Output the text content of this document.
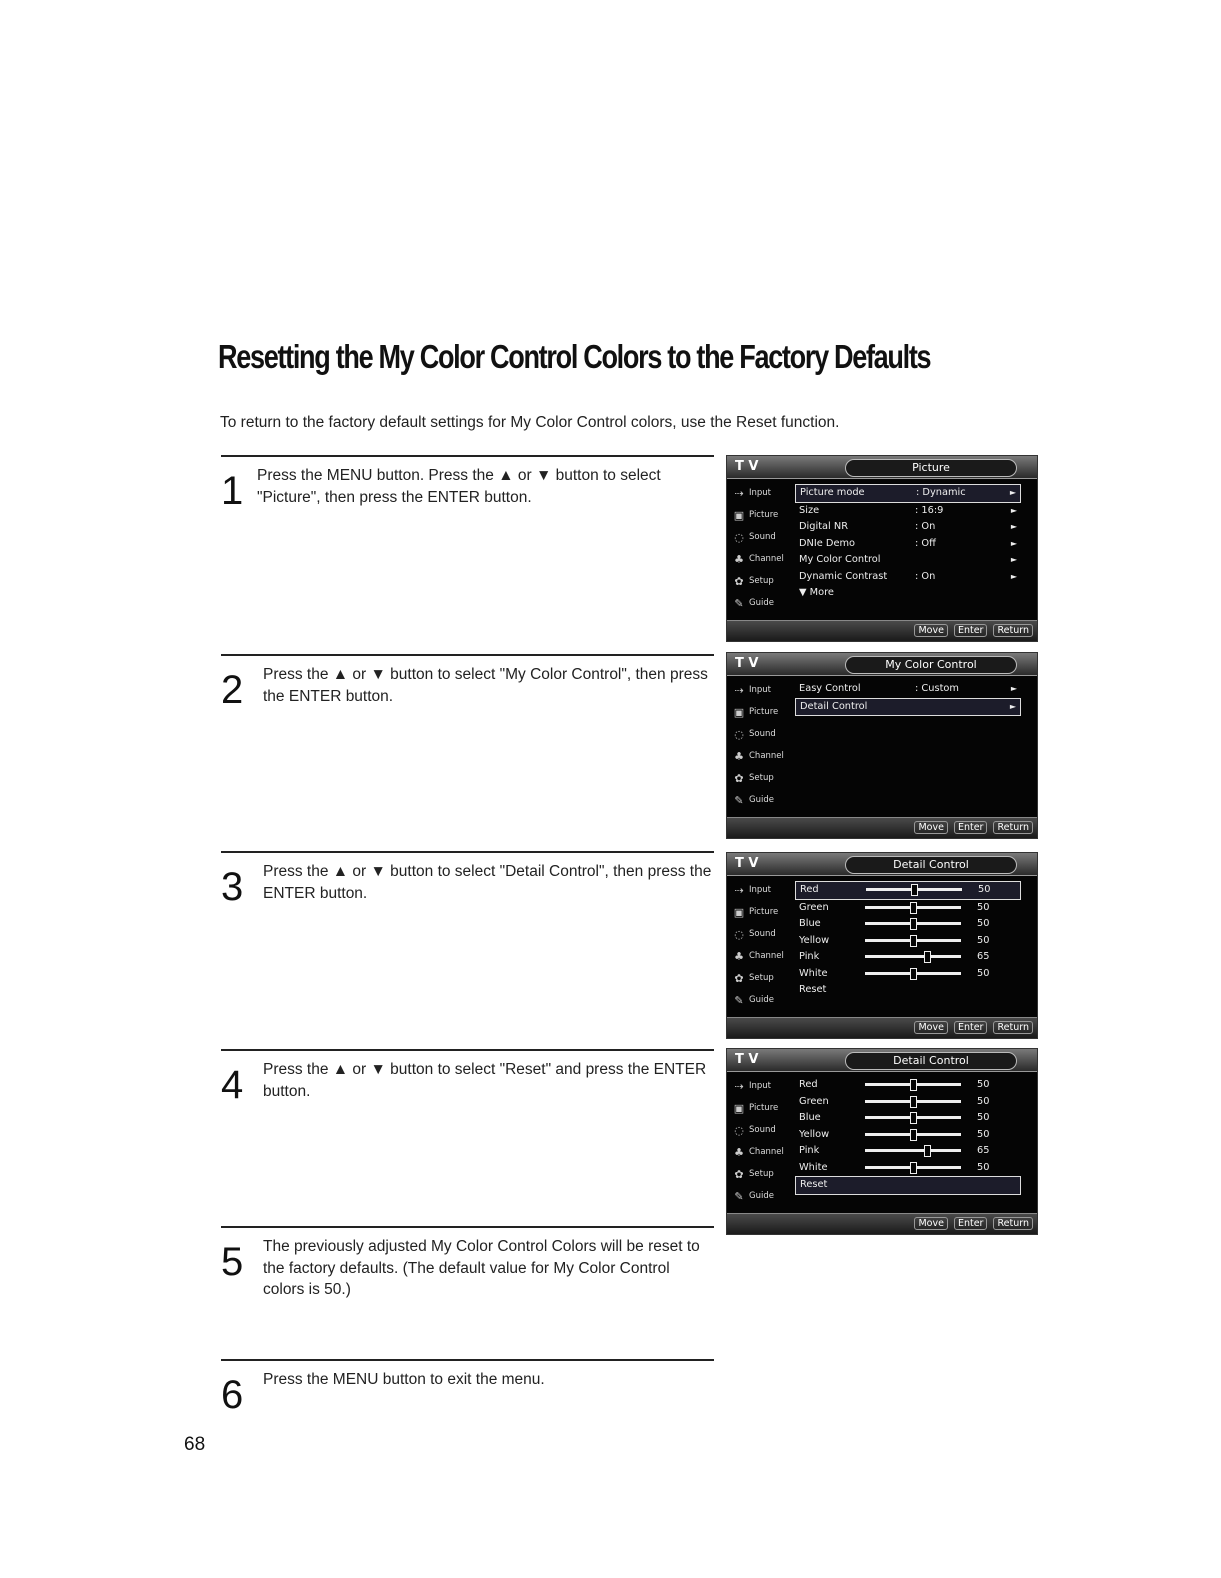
Resetting the My Color Control Colors to the Factory Defaults
To return to the factory default settings for My Color Control colors, use the Reset function.
1 Press the MENU button. Press the ▲ or ▼ button to select "Picture", then press the ENTER button.
2 Press the ▲ or ▼ button to select "My Color Control", then press the ENTER button.
3 Press the ▲ or ▼ button to select "Detail Control", then press the ENTER button.
4 Press the ▲ or ▼ button to select "Reset" and press the ENTER button.
5 The previously adjusted My Color Control Colors will be reset to the factory defaults. (The default value for My Color Control colors is 50.)
6 Press the MENU button to exit the menu.
68
T V	Picture
⇢ Input
▣ Picture
◌ Sound
♣ Channel
✿ Setup
✎ Guide
Picture mode	: Dynamic	►
Size	: 16:9	►
Digital NR	: On	►
DNIe Demo	: Off	►
My Color Control	►
Dynamic Contrast	: On	►
▼ More
Move Enter Return
T V	My Color Control
⇢ Input
▣ Picture
◌ Sound
♣ Channel
✿ Setup
✎ Guide
Easy Control	: Custom	►
Detail Control	►
Move Enter Return
T V	Detail Control
⇢ Input
▣ Picture
◌ Sound
♣ Channel
✿ Setup
✎ Guide
Red	50
Green	50
Blue	50
Yellow	50
Pink	65
White	50
Reset
Move Enter Return
T V	Detail Control
⇢ Input
▣ Picture
◌ Sound
♣ Channel
✿ Setup
✎ Guide
Red	50
Green	50
Blue	50
Yellow	50
Pink	65
White	50
Reset
Move Enter Return
